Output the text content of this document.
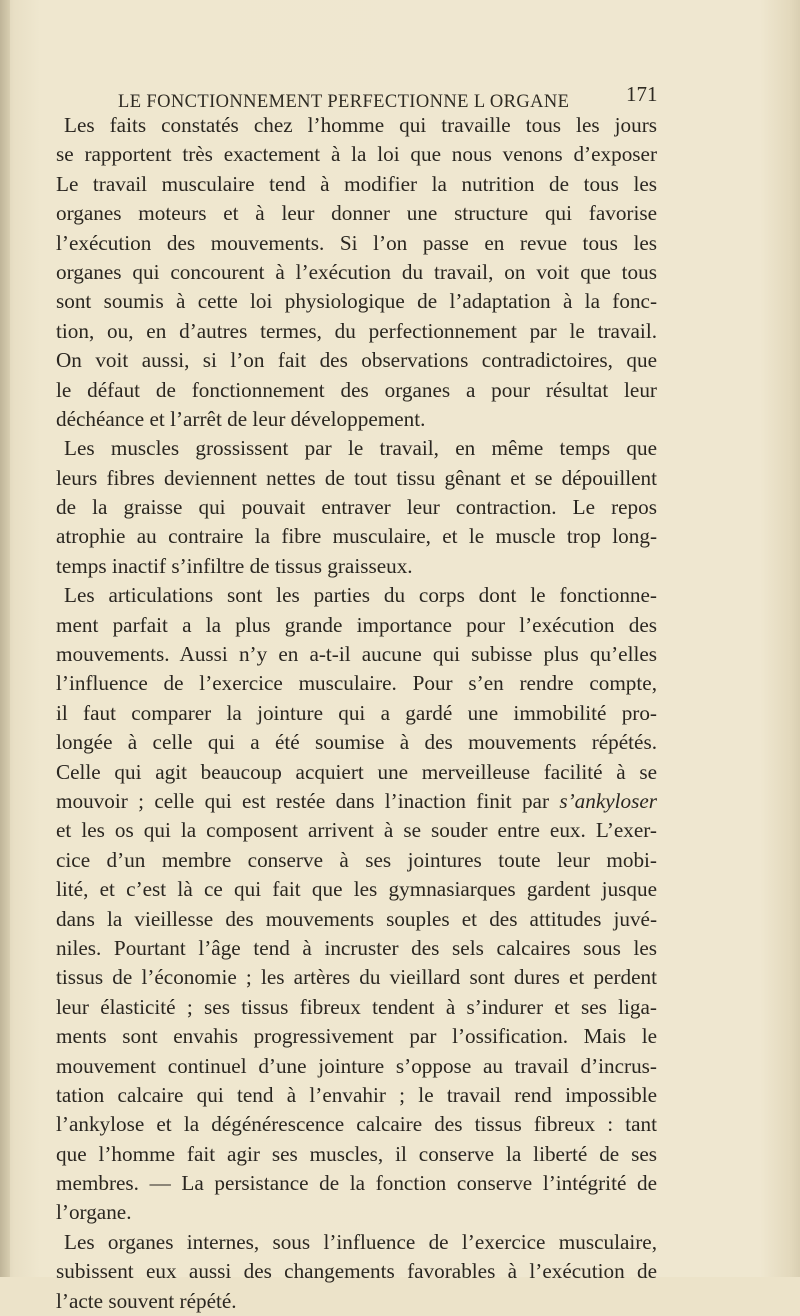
LE FONCTIONNEMENT PERFECTIONNE L ORGANE	171
Les faits constatés chez l’homme qui travaille tous les jours
se rapportent très exactement à la loi que nous venons d’exposer
Le travail musculaire tend à modifier la nutrition de tous les
organes moteurs et à leur donner une structure qui favorise
l’exécution des mouvements. Si l’on passe en revue tous les
organes qui concourent à l’exécution du travail, on voit que tous
sont soumis à cette loi physiologique de l’adaptation à la fonc-
tion, ou, en d’autres termes, du perfectionnement par le travail.
On voit aussi, si l’on fait des observations contradictoires, que
le défaut de fonctionnement des organes a pour résultat leur
déchéance et l’arrêt de leur développement.
Les muscles grossissent par le travail, en même temps que
leurs fibres deviennent nettes de tout tissu gênant et se dépouillent
de la graisse qui pouvait entraver leur contraction. Le repos
atrophie au contraire la fibre musculaire, et le muscle trop long-
temps inactif s’infiltre de tissus graisseux.
Les articulations sont les parties du corps dont le fonctionne-
ment parfait a la plus grande importance pour l’exécution des
mouvements. Aussi n’y en a-t-il aucune qui subisse plus qu’elles
l’influence de l’exercice musculaire. Pour s’en rendre compte,
il faut comparer la jointure qui a gardé une immobilité pro-
longée à celle qui a été soumise à des mouvements répétés.
Celle qui agit beaucoup acquiert une merveilleuse facilité à se
mouvoir ; celle qui est restée dans l’inaction finit par s’ankyloser
et les os qui la composent arrivent à se souder entre eux. L’exer-
cice d’un membre conserve à ses jointures toute leur mobi-
lité, et c’est là ce qui fait que les gymnasiarques gardent jusque
dans la vieillesse des mouvements souples et des attitudes juvé-
niles. Pourtant l’âge tend à incruster des sels calcaires sous les
tissus de l’économie ; les artères du vieillard sont dures et perdent
leur élasticité ; ses tissus fibreux tendent à s’indurer et ses liga-
ments sont envahis progressivement par l’ossification. Mais le
mouvement continuel d’une jointure s’oppose au travail d’incrus-
tation calcaire qui tend à l’envahir ; le travail rend impossible
l’ankylose et la dégénérescence calcaire des tissus fibreux : tant
que l’homme fait agir ses muscles, il conserve la liberté de ses
membres. — La persistance de la fonction conserve l’intégrité de
l’organe.
Les organes internes, sous l’influence de l’exercice musculaire,
subissent eux aussi des changements favorables à l’exécution de
l’acte souvent répété.
